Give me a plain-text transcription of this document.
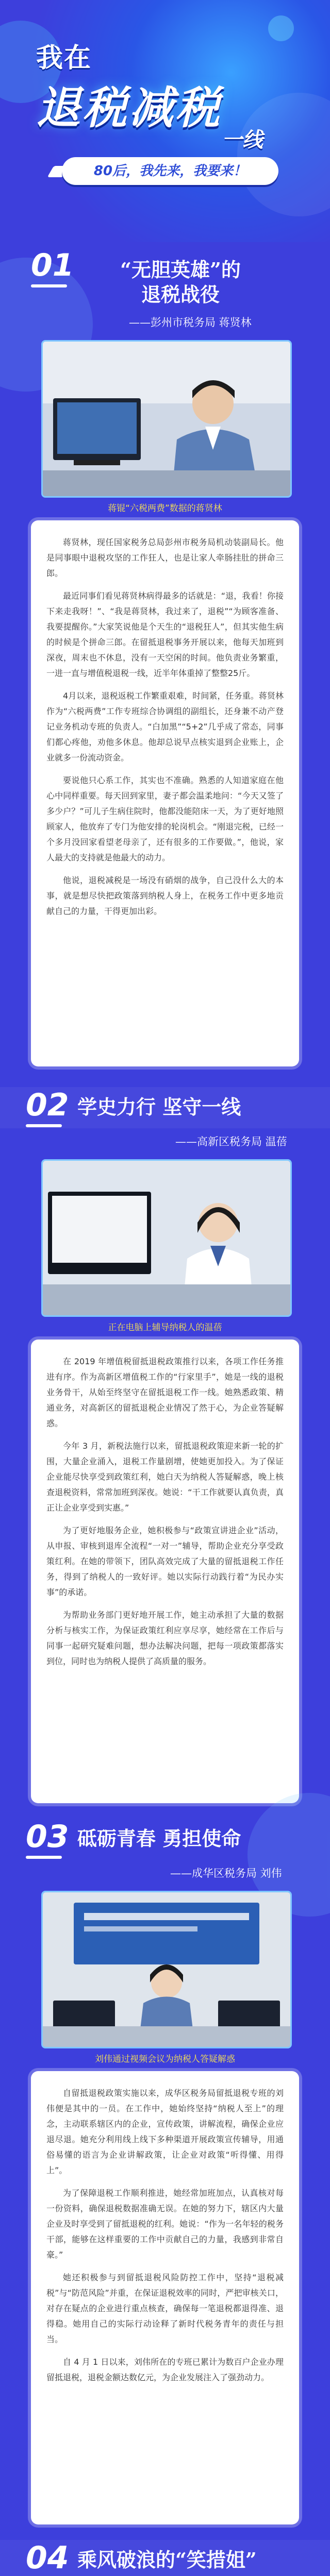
我在
退税减税
一线
80后，我先来，我要来！
01	“无胆英雄”的
退税战役
——彭州市税务局 蒋贤林
蒋锟“六税两费”数据的蒋贤林

蒋贤林，现任国家税务总局彭州市税务局机动装副局长。他是同事眼中退税攻坚的工作狂人，也是让家人牵肠挂肚的拼命三郎。

最近同事们看见蒋贤林病得最多的话就是：“退，我看！你接下来走我呀！”、“我是蒋贤林，我过来了，退税”“为顾客准备、我要提醒你。”大家笑说他是个天生的“退税狂人”，但其实他生病的时候是个拼命三郎。在留抵退税事务开展以来，他每天加班到深夜，周末也不休息，没有一天空闲的时间。他负责业务繁重，一进一直与增值税退税一线，近半年体重掉了整整25斤。

4月以来，退税返税工作繁重艰难，时间紧，任务重。蒋贤林作为“六税两费”工作专班综合协调组的副组长，还身兼不动产登记业务机动专班的负责人。“白加黑”“5+2”几乎成了常态，同事们都心疼他，劝他多休息。他却总说早点核实退到企业账上，企业就多一份流动资金。

要说他只心系工作，其实也不准确。熟悉的人知道家庭在他心中同样重要。每天回到家里，妻子都会温柔地问：“今天又签了多少户？”可儿子生病住院时，他都没能陪床一天，为了更好地照顾家人，他放弃了专门为他安排的轮岗机会。“刚退完税，已经一个多月没回家看望老母亲了，还有很多的工作要做。”，他说，家人最大的支持就是他最大的动力。

他说，退税减税是一场没有硝烟的战争，自己没什么大的本事，就是想尽快把政策落到纳税人身上，在税务工作中更多地贡献自己的力量，干得更加出彩。

02 学史力行 坚守一线
——高新区税务局 温蓓
正在电脑上辅导纳税人的温蓓

在 2019 年增值税留抵退税政策推行以来，各项工作任务推进有序。作为高新区增值税工作的“行家里手”，她是一线的退税业务骨干，从始至终坚守在留抵退税工作一线。她熟悉政策、精通业务，对高新区的留抵退税企业情况了然于心，为企业答疑解惑。

今年 3 月，新税法施行以来，留抵退税政策迎来新一轮的扩围，大量企业涌入，退税工作量剧增，使她更加投入。为了保证企业能尽快享受到政策红利，她白天为纳税人答疑解惑，晚上核查退税资料，常常加班到深夜。她说：“干工作就要认真负责，真正让企业享受到实惠。”

为了更好地服务企业，她积极参与“政策宣讲进企业”活动，从申报、审核到退库全流程“一对一”辅导，帮助企业充分享受政策红利。在她的带领下，团队高效完成了大量的留抵退税工作任务，得到了纳税人的一致好评。她以实际行动践行着“为民办实事”的承诺。

为帮助业务部门更好地开展工作，她主动承担了大量的数据分析与核实工作，为保证政策红利应享尽享，她经常在工作后与同事一起研究疑难问题，想办法解决问题，把每一项政策都落实到位，同时也为纳税人提供了高质量的服务。

03 砥砺青春 勇担使命
——成华区税务局 刘伟
刘伟通过视频会议为纳税人答疑解惑

自留抵退税政策实施以来，成华区税务局留抵退税专班的刘伟便是其中的一员。在工作中，她始终坚持“纳税人至上”的理念，主动联系辖区内的企业，宣传政策，讲解流程，确保企业应退尽退。她充分利用线上线下多种渠道开展政策宣传辅导，用通俗易懂的语言为企业讲解政策，让企业对政策“听得懂、用得上”。

为了保障退税工作顺利推进，她经常加班加点，认真核对每一份资料，确保退税数据准确无误。在她的努力下，辖区内大量企业及时享受到了留抵退税的红利。她说：“作为一名年轻的税务干部，能够在这样重要的工作中贡献自己的力量，我感到非常自豪。”

她还积极参与到留抵退税风险防控工作中，坚持“退税减税”与“防范风险”并重，在保证退税效率的同时，严把审核关口，对存在疑点的企业进行重点核查，确保每一笔退税都退得准、退得稳。她用自己的实际行动诠释了新时代税务青年的责任与担当。

自 4 月 1 日以来，刘伟所在的专班已累计为数百户企业办理留抵退税，退税金额达数亿元，为企业发展注入了强劲动力。

04 乘风破浪的“笑措姐”
